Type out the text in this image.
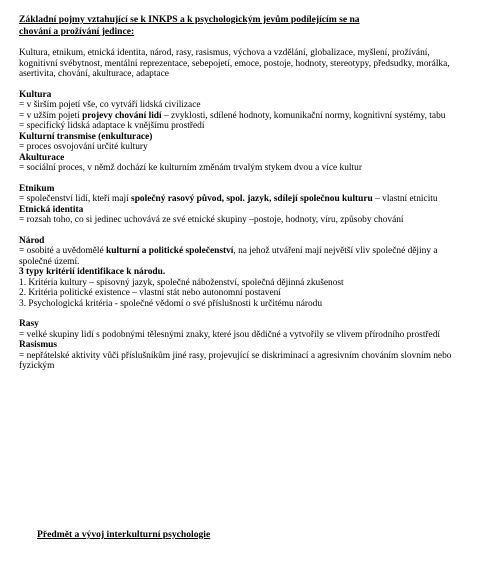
Základní pojmy vztahující se k INKPS a k psychologickým jevům podílejícím se na
chování a prožívání jedince:

Kultura, etnikum, etnická identita, národ, rasy, rasismus, výchova a vzdělání, globalizace, myšlení, prožívání, kognitivní svébytnost, mentální reprezentace, sebepojetí, emoce, postoje, hodnoty, stereotypy, předsudky, morálka, asertivita, chování, akulturace, adaptace

Kultura

= v širším pojetí vše, co vytváří lidská civilizace

= v užším pojetí projevy chování lidí – zvyklosti, sdílené hodnoty, komunikační normy, kognitivní systémy, tabu

= specifický lidská adaptace k vnějšímu prostředí

Kulturní transmise (enkulturace)

= proces osvojování určité kultury

Akulturace

= sociální proces, v němž dochází ke kulturním změnám trvalým stykem dvou a více kultur

Etnikum

= společenství lidí, kteří mají společný rasový původ, spol. jazyk, sdílejí společnou kulturu – vlastní etnicitu

Etnická identita

= rozsah toho, co si jedinec uchovává ze své etnické skupiny –postoje, hodnoty, víru, způsoby chování

Národ

= osobité a uvědomělé kulturní a politické společenství, na jehož utváření mají největší vliv společné dějiny a společné území.

3 typy kritérií identifikace k národu.

1. Kritéria kultury – spisovný jazyk, společné náboženství, společná dějinná zkušenost

2. Kritéria politické existence – vlastní stát nebo autonomní postavení

3. Psychologická kritéria - společné vědomí o své příslušnosti k určitému národu

Rasy

= velké skupiny lidí s podobnými tělesnými znaky, které jsou dědičné a vytvořily se vlivem přírodního prostředí

Rasismus

= nepřátelské aktivity vůči příslušníkům jiné rasy, projevující se diskriminací a agresivním chováním slovním nebo fyzickým

Předmět a vývoj interkulturní psychologie
